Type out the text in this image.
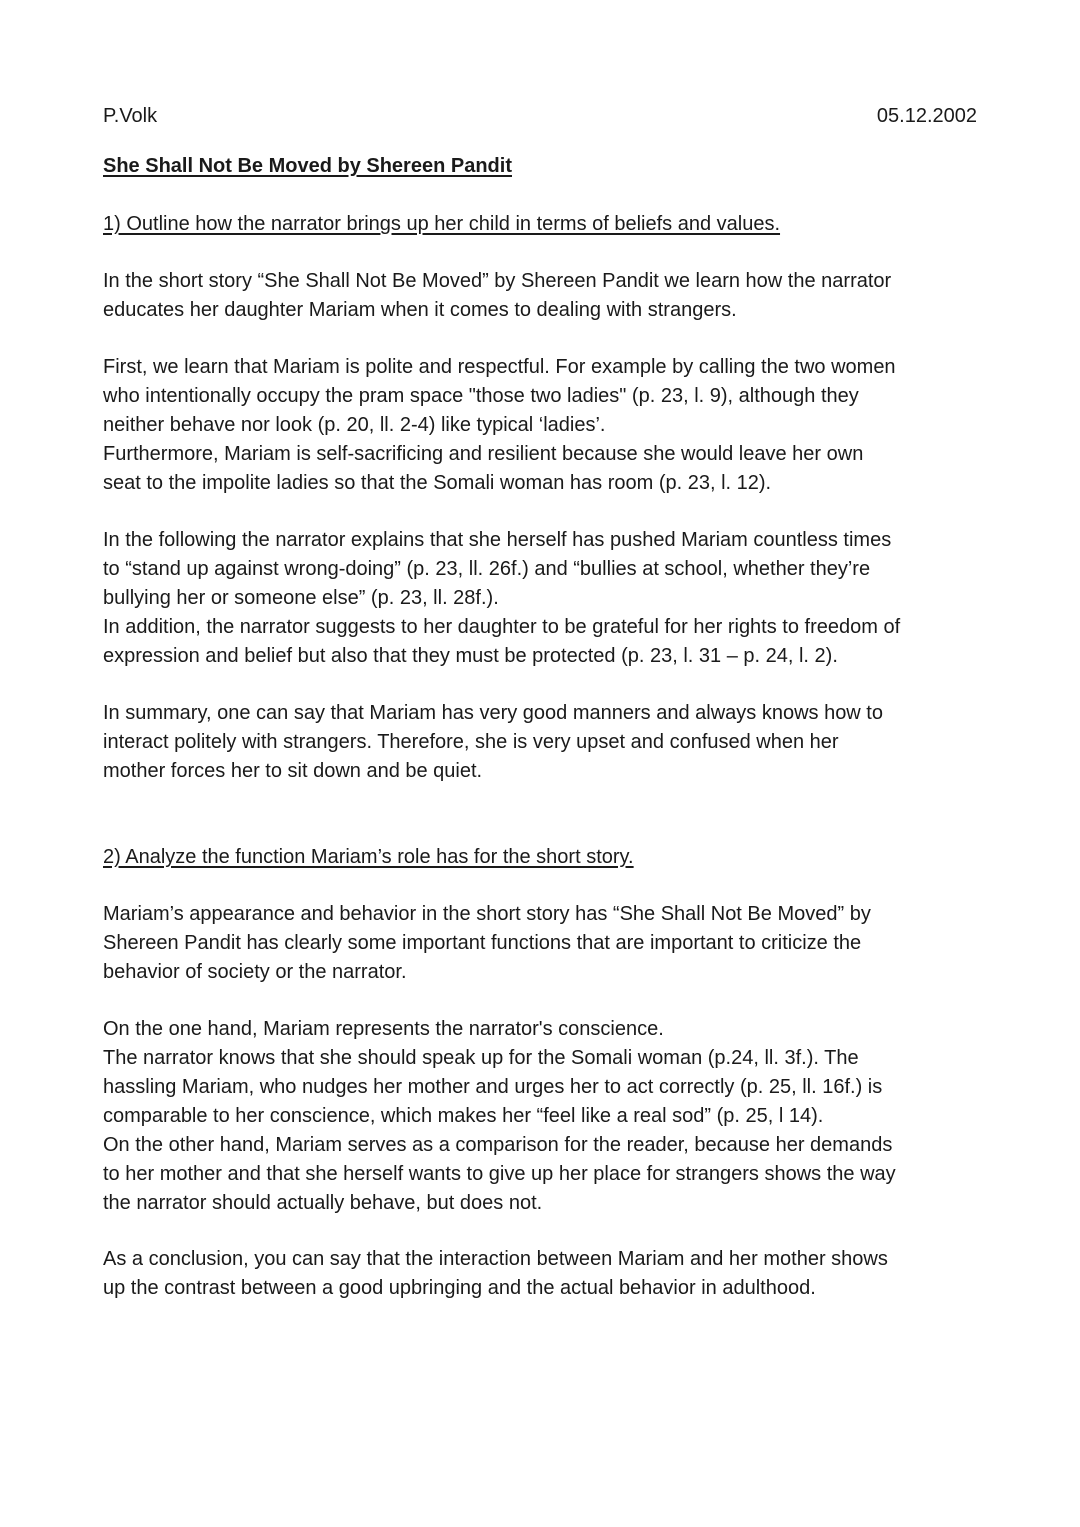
P.Volk	05.12.2002
She Shall Not Be Moved by Shereen Pandit
1) Outline how the narrator brings up her child in terms of beliefs and values.

In the short story “She Shall Not Be Moved” by Shereen Pandit we learn how the narrator
educates her daughter Mariam when it comes to dealing with strangers.

First, we learn that Mariam is polite and respectful. For example by calling the two women
who intentionally occupy the pram space "those two ladies" (p. 23, l. 9), although they
neither behave nor look (p. 20, ll. 2-4) like typical ‘ladies’.
Furthermore, Mariam is self-sacrificing and resilient because she would leave her own
seat to the impolite ladies so that the Somali woman has room (p. 23, l. 12).

In the following the narrator explains that she herself has pushed Mariam countless times
to “stand up against wrong-doing” (p. 23, ll. 26f.) and “bullies at school, whether they’re
bullying her or someone else” (p. 23, ll. 28f.).
In addition, the narrator suggests to her daughter to be grateful for her rights to freedom of
expression and belief but also that they must be protected (p. 23, l. 31 – p. 24, l. 2).

In summary, one can say that Mariam has very good manners and always knows how to
interact politely with strangers. Therefore, she is very upset and confused when her
mother forces her to sit down and be quiet.

2) Analyze the function Mariam’s role has for the short story.

Mariam’s appearance and behavior in the short story has “She Shall Not Be Moved” by
Shereen Pandit has clearly some important functions that are important to criticize the
behavior of society or the narrator.

On the one hand, Mariam represents the narrator's conscience.
The narrator knows that she should speak up for the Somali woman (p.24, ll. 3f.). The
hassling Mariam, who nudges her mother and urges her to act correctly (p. 25, ll. 16f.) is
comparable to her conscience, which makes her “feel like a real sod” (p. 25, l 14).
On the other hand, Mariam serves as a comparison for the reader, because her demands
to her mother and that she herself wants to give up her place for strangers shows the way
the narrator should actually behave, but does not.

As a conclusion, you can say that the interaction between Mariam and her mother shows
up the contrast between a good upbringing and the actual behavior in adulthood.
